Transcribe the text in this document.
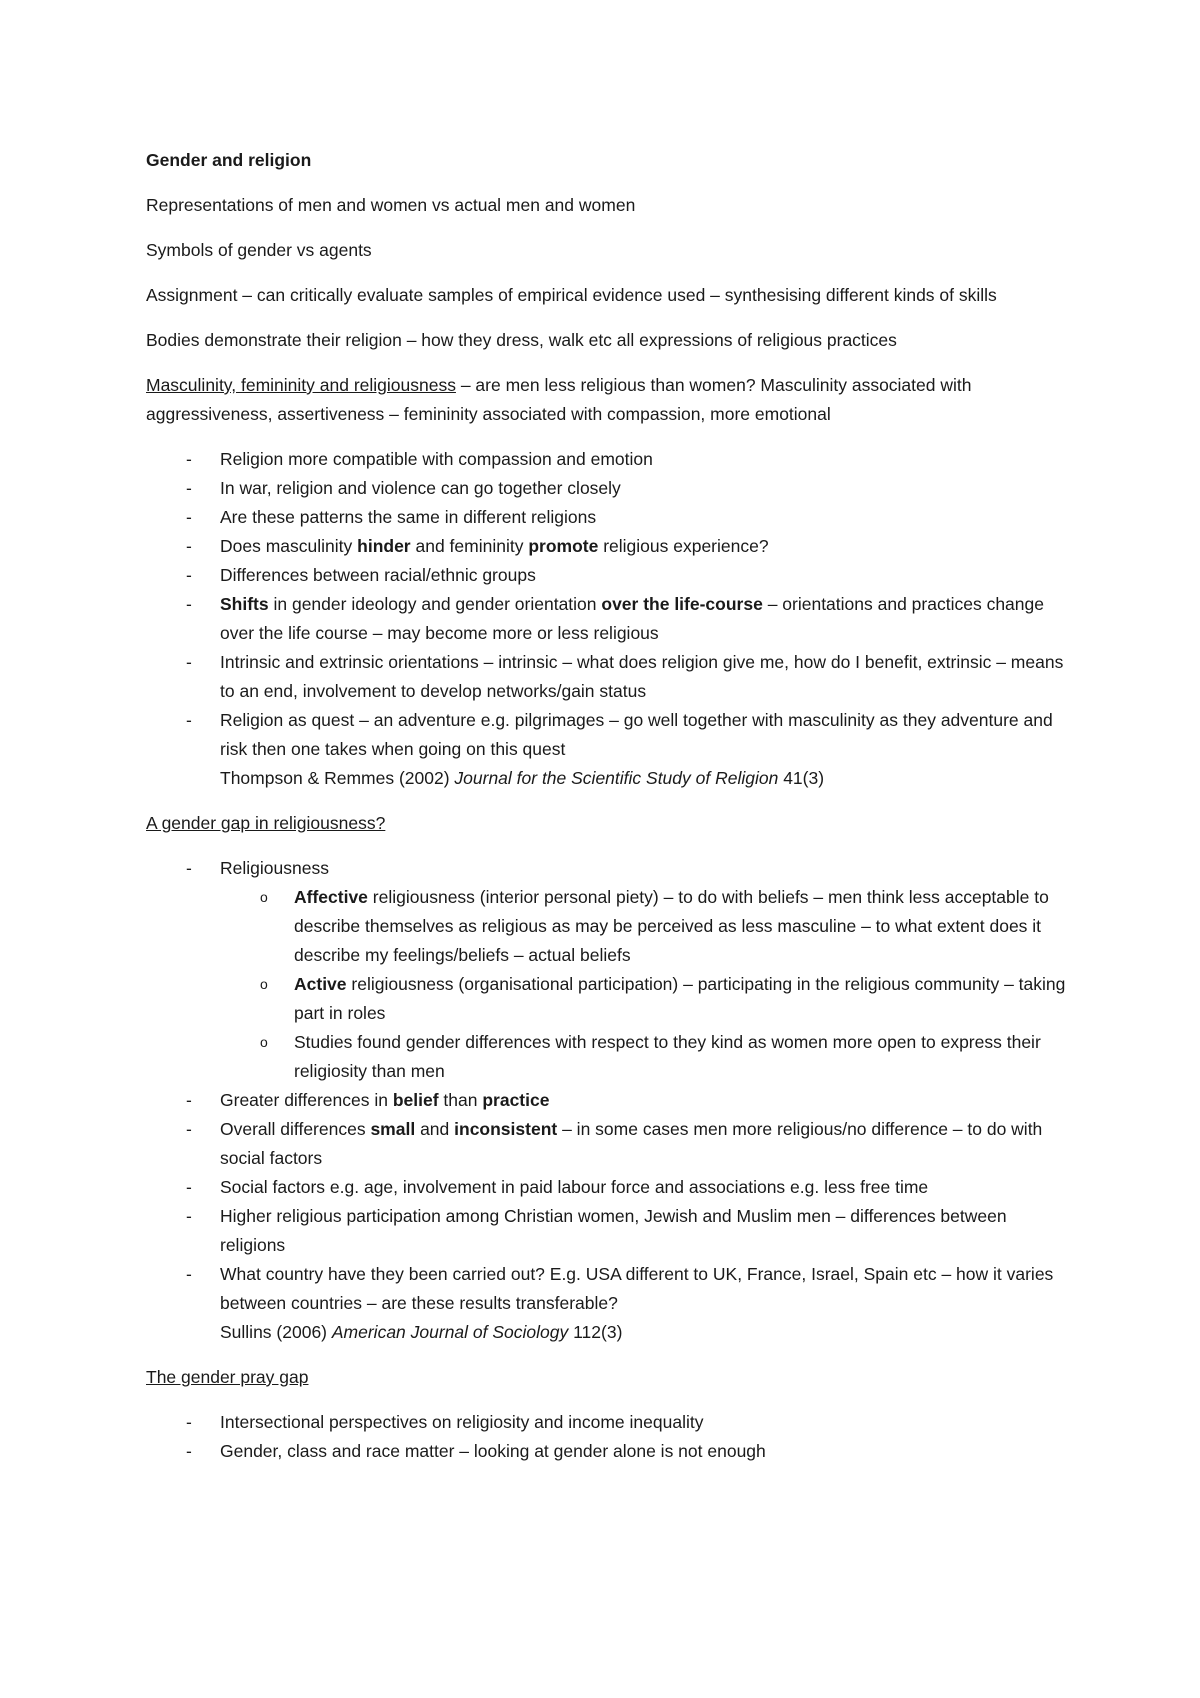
Gender and religion

Representations of men and women vs actual men and women

Symbols of gender vs agents

Assignment – can critically evaluate samples of empirical evidence used – synthesising different kinds of skills

Bodies demonstrate their religion – how they dress, walk etc all expressions of religious practices

Masculinity, femininity and religiousness – are men less religious than women? Masculinity associated with aggressiveness, assertiveness – femininity associated with compassion, more emotional

- Religion more compatible with compassion and emotion
- In war, religion and violence can go together closely
- Are these patterns the same in different religions
- Does masculinity hinder and femininity promote religious experience?
- Differences between racial/ethnic groups
- Shifts in gender ideology and gender orientation over the life-course – orientations and practices change over the life course – may become more or less religious
- Intrinsic and extrinsic orientations – intrinsic – what does religion give me, how do I benefit, extrinsic – means to an end, involvement to develop networks/gain status
- Religion as quest – an adventure e.g. pilgrimages – go well together with masculinity as they adventure and risk then one takes when going on this quest
Thompson & Remmes (2002) Journal for the Scientific Study of Religion 41(3)

A gender gap in religiousness?

- Religiousness
o Affective religiousness (interior personal piety) – to do with beliefs – men think less acceptable to describe themselves as religious as may be perceived as less masculine – to what extent does it describe my feelings/beliefs – actual beliefs
o Active religiousness (organisational participation) – participating in the religious community – taking part in roles
o Studies found gender differences with respect to they kind as women more open to express their religiosity than men
- Greater differences in belief than practice
- Overall differences small and inconsistent – in some cases men more religious/no difference – to do with social factors
- Social factors e.g. age, involvement in paid labour force and associations e.g. less free time
- Higher religious participation among Christian women, Jewish and Muslim men – differences between religions
- What country have they been carried out? E.g. USA different to UK, France, Israel, Spain etc – how it varies between countries – are these results transferable?
Sullins (2006) American Journal of Sociology 112(3)

The gender pray gap

- Intersectional perspectives on religiosity and income inequality
- Gender, class and race matter – looking at gender alone is not enough
